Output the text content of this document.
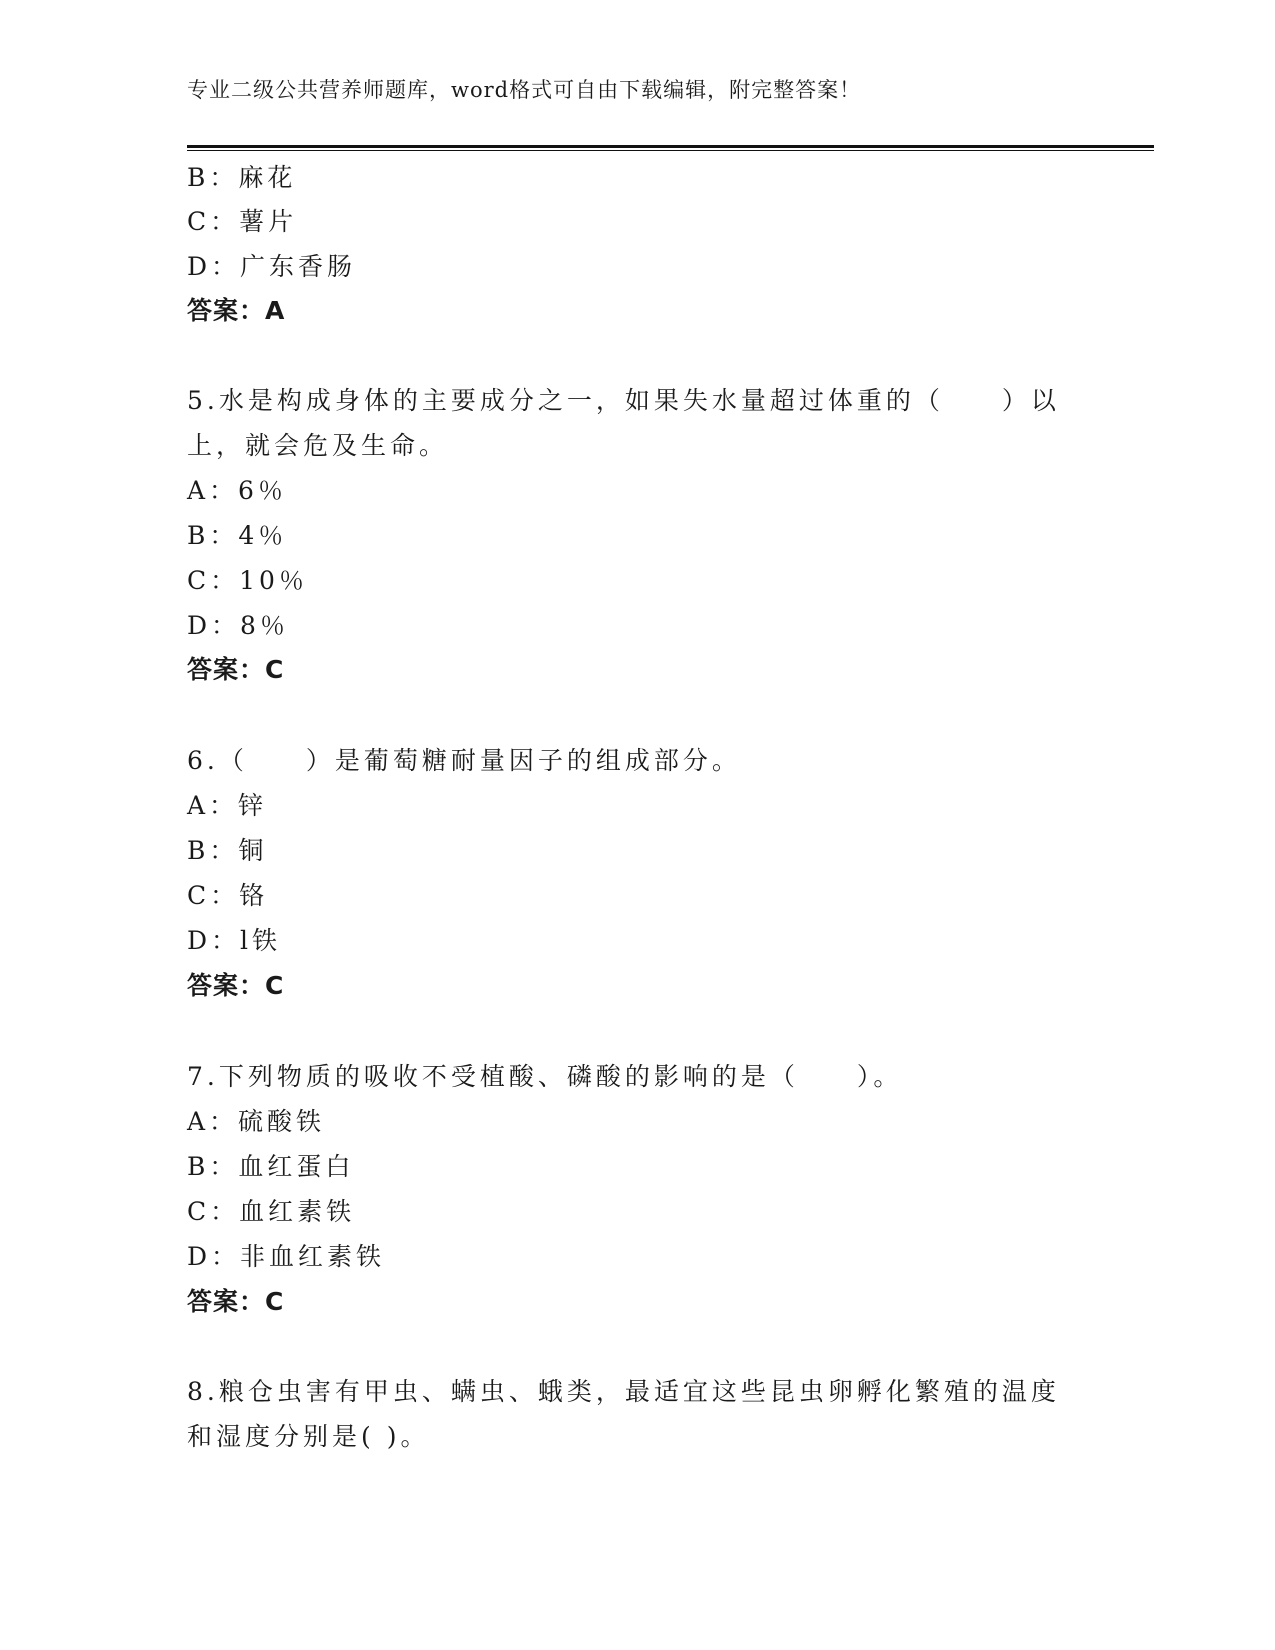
专业二级公共营养师题库，word格式可自由下载编辑，附完整答案！
B：麻花
C：薯片
D：广东香肠
答案：A
5.水是构成身体的主要成分之一，如果失水量超过体重的（　　）以
上，就会危及生命。
A：6％
B：4％
C：10％
D：8％
答案：C
6.（　　）是葡萄糖耐量因子的组成部分。
A：锌
B：铜
C：铬
D：l铁
答案：C
7.下列物质的吸收不受植酸、磷酸的影响的是（　　）。
A：硫酸铁
B：血红蛋白
C：血红素铁
D：非血红素铁
答案：C
8.粮仓虫害有甲虫、螨虫、蛾类，最适宜这些昆虫卵孵化繁殖的温度
和湿度分别是( )。
